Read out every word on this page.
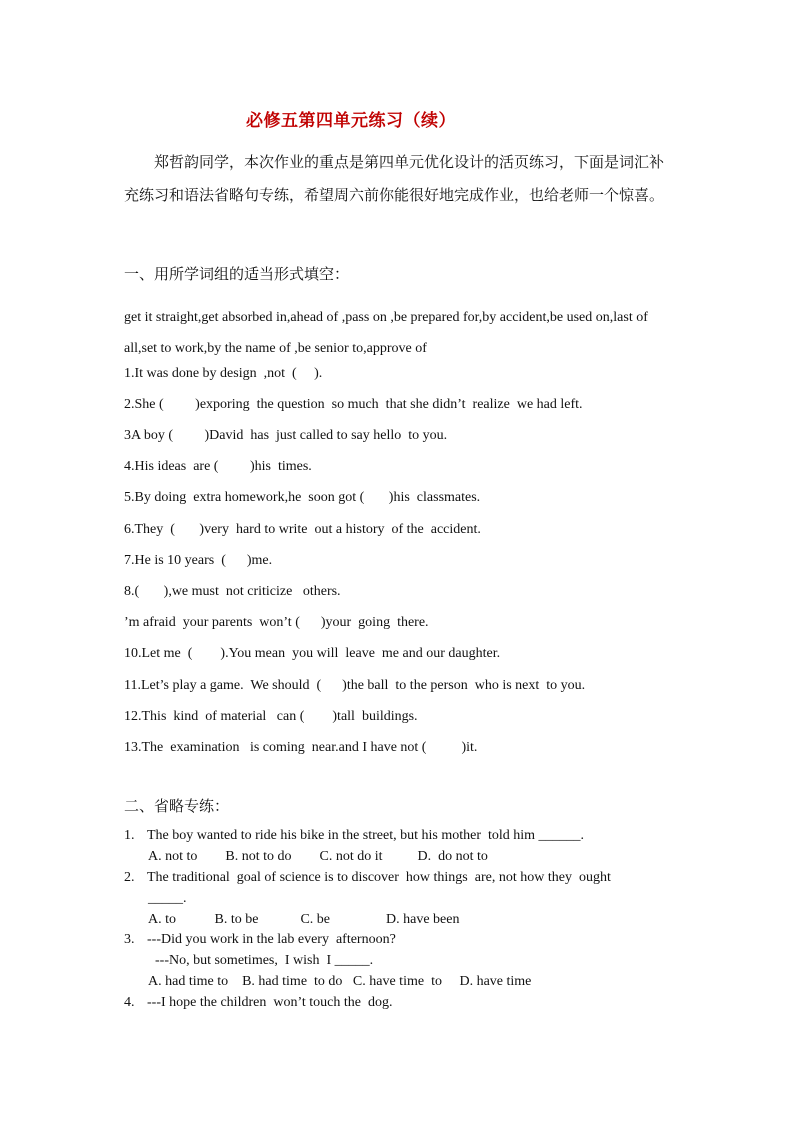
必修五第四单元练习（续）
郑哲韵同学，本次作业的重点是第四单元优化设计的活页练习，下面是词汇补充练习和语法省略句专练，希望周六前你能很好地完成作业，也给老师一个惊喜。
一、用所学词组的适当形式填空：
get it straight,get absorbed in,ahead of ,pass on ,be prepared for,by accident,be used on,last of all,set to work,by the name of ,be senior to,approve of
1.It was done by design  ,not  (     ).
2.She (         )exporing  the question  so much  that she didn’t  realize  we had left.
3A boy (         )David  has  just called to say hello  to you.
4.His ideas  are (         )his  times.
5.By doing  extra homework,he  soon got (       )his  classmates.
6.They  (       )very  hard to write  out a history  of the  accident.
7.He is 10 years  (      )me.
8.(       ),we must  not criticize   others.
’m afraid  your parents  won’t (      )your  going  there.
10.Let me  (        ).You mean  you will  leave  me and our daughter.
11.Let’s play a game.  We should  (      )the ball  to the person  who is next  to you.
12.This  kind  of material   can (        )tall  buildings.
13.The  examination   is coming  near.and I have not (          )it.
二、省略专练：
1. The boy wanted to ride his bike in the street, but his mother  told him ______.
A. not to        B. not to do        C. not do it          D.  do not to
2. The traditional  goal of science is to discover  how things  are, not how they  ought
_____.
A. to           B. to be            C. be                D. have been
3. ---Did you work in the lab every  afternoon?
---No, but sometimes,  I wish  I _____.
A. had time to    B. had time  to do   C. have time  to     D. have time
4. ---I hope the children  won’t touch the  dog.
